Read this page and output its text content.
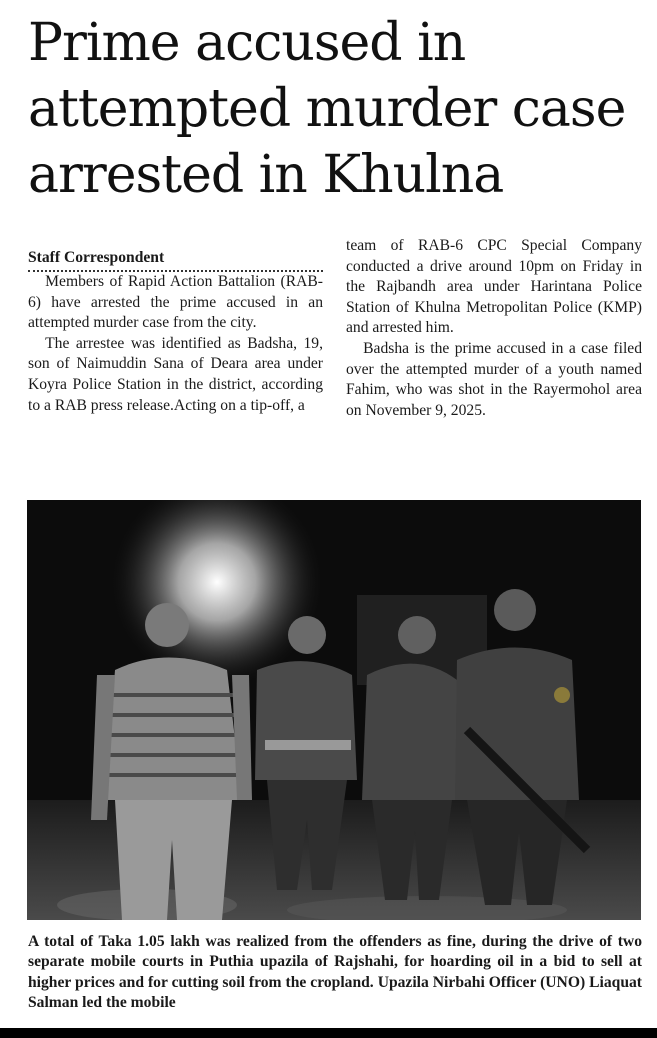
Prime accused in
attempted murder case
arrested in Khulna
Staff Correspondent

Members of Rapid Action Battalion (RAB-6) have arrested the prime accused in an attempted murder case from the city.

The arrestee was identified as Badsha, 19, son of Naimuddin Sana of Deara area under Koyra Police Station in the district, according to a RAB press release.Acting on a tip-off, a

team of RAB-6 CPC Special Company conducted a drive around 10pm on Friday in the Rajbandh area under Harintana Police Station of Khulna Metropolitan Police (KMP) and arrested him.

Badsha is the prime accused in a case filed over the attempted murder of a youth named Fahim, who was shot in the Rayermohol area on November 9, 2025.

A total of Taka 1.05 lakh was realized from the offenders as fine, during the drive of two separate mobile courts in Puthia upazila of Rajshahi, for hoarding oil in a bid to sell at higher prices and for cutting soil from the cropland. Upazila Nirbahi Officer (UNO) Liaquat Salman led the mobile
